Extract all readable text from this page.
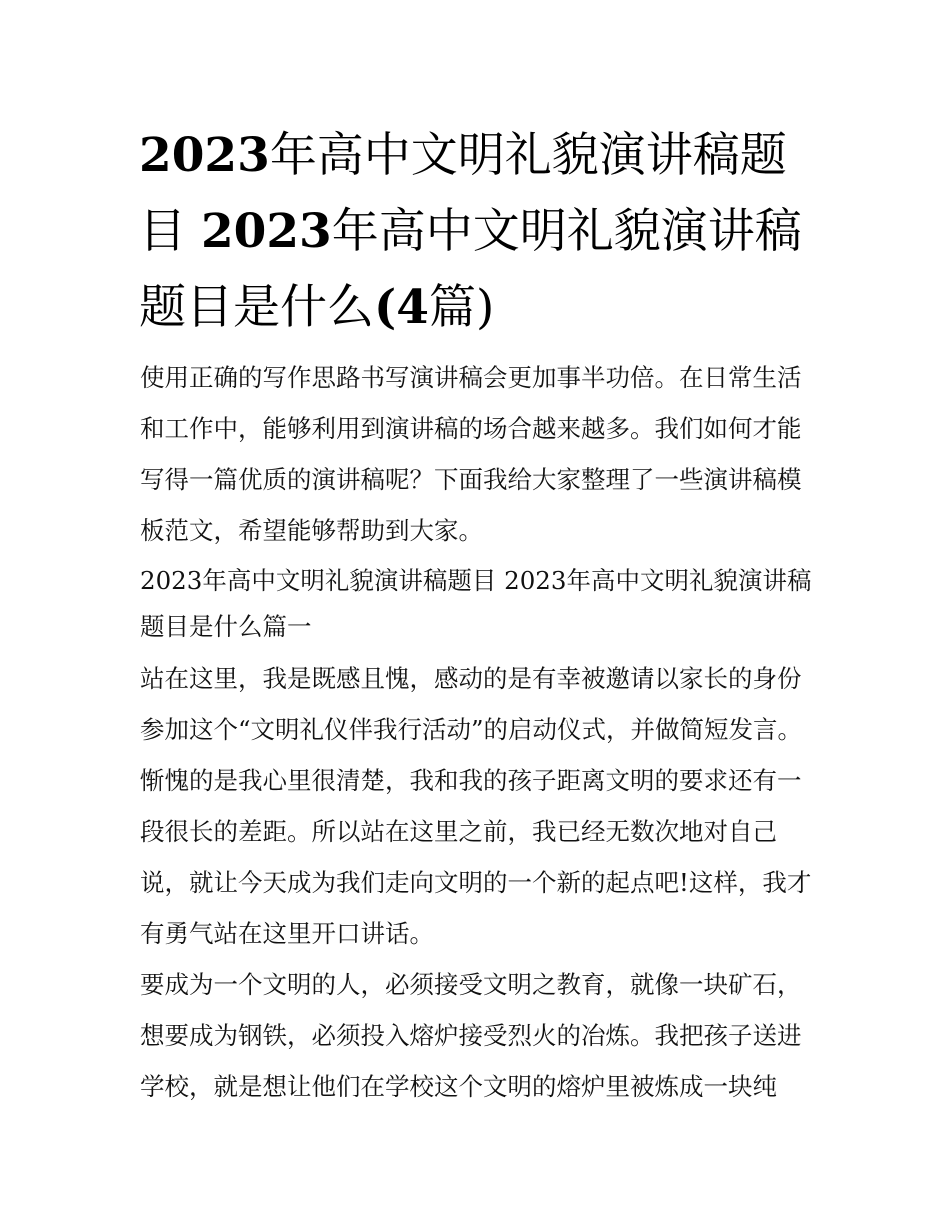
2023年高中文明礼貌演讲稿题目 2023年高中文明礼貌演讲稿题目是什么(4篇)

使用正确的写作思路书写演讲稿会更加事半功倍。在日常生活和工作中，能够利用到演讲稿的场合越来越多。我们如何才能写得一篇优质的演讲稿呢？下面我给大家整理了一些演讲稿模板范文，希望能够帮助到大家。

2023年高中文明礼貌演讲稿题目 2023年高中文明礼貌演讲稿题目是什么篇一

站在这里，我是既感且愧，感动的是有幸被邀请以家长的身份参加这个“文明礼仪伴我行活动”的启动仪式，并做简短发言。惭愧的是我心里很清楚，我和我的孩子距离文明的要求还有一段很长的差距。所以站在这里之前，我已经无数次地对自己说，就让今天成为我们走向文明的一个新的起点吧!这样，我才有勇气站在这里开口讲话。

要成为一个文明的人，必须接受文明之教育，就像一块矿石，想要成为钢铁，必须投入熔炉接受烈火的冶炼。我把孩子送进学校，就是想让他们在学校这个文明的熔炉里被炼成一块纯
